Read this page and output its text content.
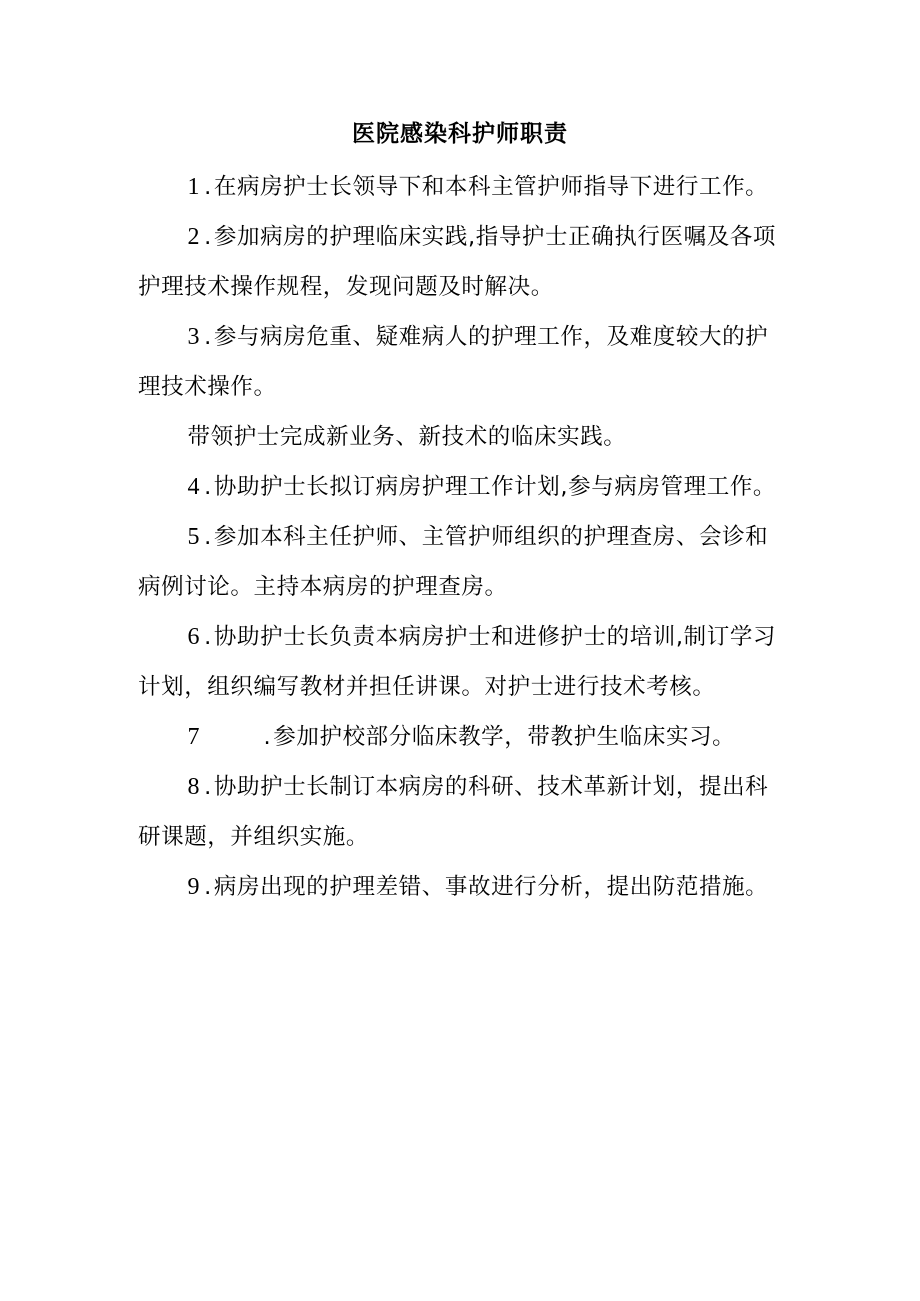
医院感染科护师职责

1 .在病房护士长领导下和本科主管护师指导下进行工作。

2 .参加病房的护理临床实践,指导护士正确执行医嘱及各项护理技术操作规程，发现问题及时解决。

3 .参与病房危重、疑难病人的护理工作，及难度较大的护理技术操作。

带领护士完成新业务、新技术的临床实践。

4 .协助护士长拟订病房护理工作计划,参与病房管理工作。

5 .参加本科主任护师、主管护师组织的护理查房、会诊和病例讨论。主持本病房的护理查房。

6 .协助护士长负责本病房护士和进修护士的培训,制订学习计划，组织编写教材并担任讲课。对护士进行技术考核。

7	.参加护校部分临床教学，带教护生临床实习。

8 .协助护士长制订本病房的科研、技术革新计划，提出科研课题，并组织实施。

9 .病房出现的护理差错、事故进行分析，提出防范措施。
